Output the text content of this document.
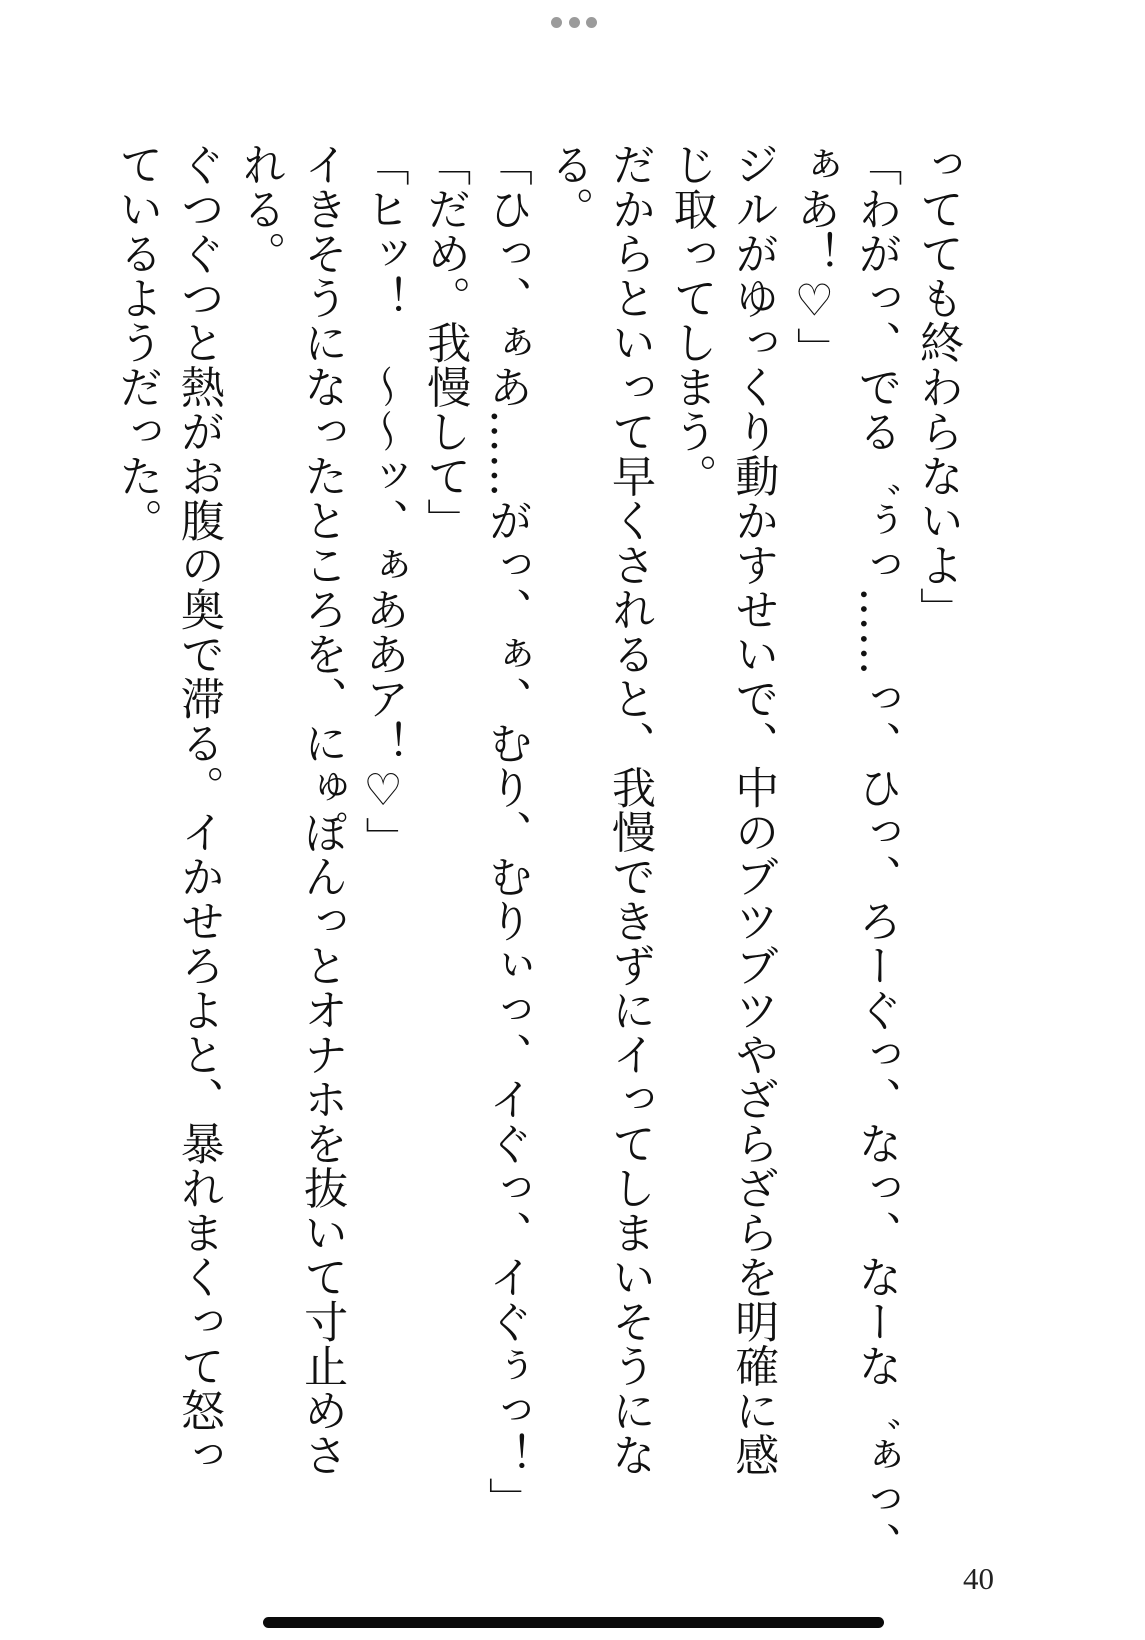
ってても終わらないよ」

「わがっ、でる゛ぅっ……っ、ひっ、ろーぐっ、なっ、なーな゛ぁっ、

ぁあ！♡」

ジルがゆっくり動かすせいで、中のブツブツやざらざらを明確に感

じ取ってしまう。

だからといって早くされると、我慢できずにイってしまいそうにな

る。

「ひっ、ぁあ……がっ、ぁ、むり、むりぃっ、イぐっ、イぐぅっ！」

「だめ。我慢して」

「ヒッ！　～～ッ、ぁああア！♡」

イきそうになったところを、にゅぽんっとオナホを抜いて寸止めさ

れる。

ぐつぐつと熱がお腹の奥で滞る。イかせろよと、暴れまくって怒っ

ているようだった。

40
